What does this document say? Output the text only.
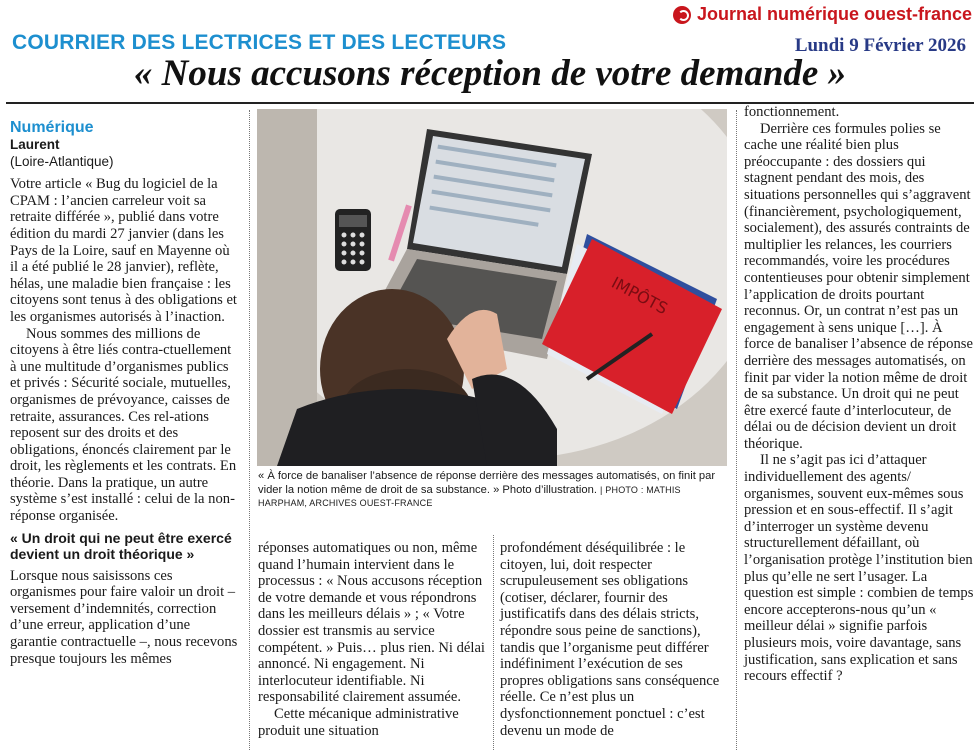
Journal numérique ouest-france
COURRIER DES LECTRICES ET DES LECTEURS	Lundi 9 Février 2026
« Nous accusons réception de votre demande »

Numérique

Laurent

(Loire-Atlantique)

Votre article « Bug du logiciel de la CPAM : l’ancien carreleur voit sa retraite différée », publié dans votre édition du mardi 27 janvier (dans les Pays de la Loire, sauf en Mayenne où il a été publié le 28 janvier), reflète, hélas, une maladie bien française : les citoyens sont tenus à des obligations et les organismes autorisés à l’inaction.

Nous sommes des millions de citoyens à être liés contra-ctuellement à une multitude d’organismes publics et privés : Sécurité sociale, mutuelles, organismes de prévoyance, caisses de retraite, assurances. Ces rel-ations reposent sur des droits et des obligations, énoncés clairement par le droit, les règlements et les contrats. En théorie. Dans la pratique, un autre système s’est installé : celui de la non-réponse organisée.

« Un droit qui ne peut être exercé devient un droit théorique »

Lorsque nous saisissons ces organismes pour faire valoir un droit – versement d’indemnités, correction d’une erreur, application d’une garantie contractuelle –, nous recevons presque toujours les mêmes

IMPÔTS
« À force de banaliser l’absence de réponse derrière des messages automatisés, on finit par vider la notion même de droit de sa substance. » Photo d’illustration. | PHOTO : MATHIS HARPHAM, ARCHIVES OUEST-FRANCE

réponses automatiques ou non, même quand l’humain intervient dans le processus : « Nous accusons réception de votre demande et vous répondrons dans les meilleurs délais » ; « Votre dossier est transmis au service compétent. » Puis… plus rien. Ni délai annoncé. Ni engagement. Ni interlocuteur identifiable. Ni responsabilité clairement assumée.

Cette mécanique administrative produit une situation

profondément déséquilibrée : le citoyen, lui, doit respecter scrupuleusement ses obligations (cotiser, déclarer, fournir des justificatifs dans des délais stricts, répondre sous peine de sanctions), tandis que l’organisme peut différer indéfiniment l’exécution de ses propres obligations sans conséquence réelle. Ce n’est plus un dysfonctionnement ponctuel : c’est devenu un mode de

fonctionnement.

Derrière ces formules polies se cache une réalité bien plus préoccupante : des dossiers qui stagnent pendant des mois, des situations personnelles qui s’aggravent (financièrement, psychologiquement, socialement), des assurés contraints de multiplier les relances, les courriers recommandés, voire les procédures contentieuses pour obtenir simplement l’application de droits pourtant reconnus. Or, un contrat n’est pas un engagement à sens unique […]. À force de banaliser l’absence de réponse derrière des messages automatisés, on finit par vider la notion même de droit de sa substance. Un droit qui ne peut être exercé faute d’interlocuteur, de délai ou de décision devient un droit théorique.

Il ne s’agit pas ici d’attaquer individuellement des agents/ organismes, souvent eux-mêmes sous pression et en sous-effectif. Il s’agit d’interroger un système devenu structurellement défaillant, où l’organisation protège l’institution bien plus qu’elle ne sert l’usager. La question est simple : combien de temps encore accepterons-nous qu’un « meilleur délai » signifie parfois plusieurs mois, voire davantage, sans justification, sans explication et sans recours effectif ?
